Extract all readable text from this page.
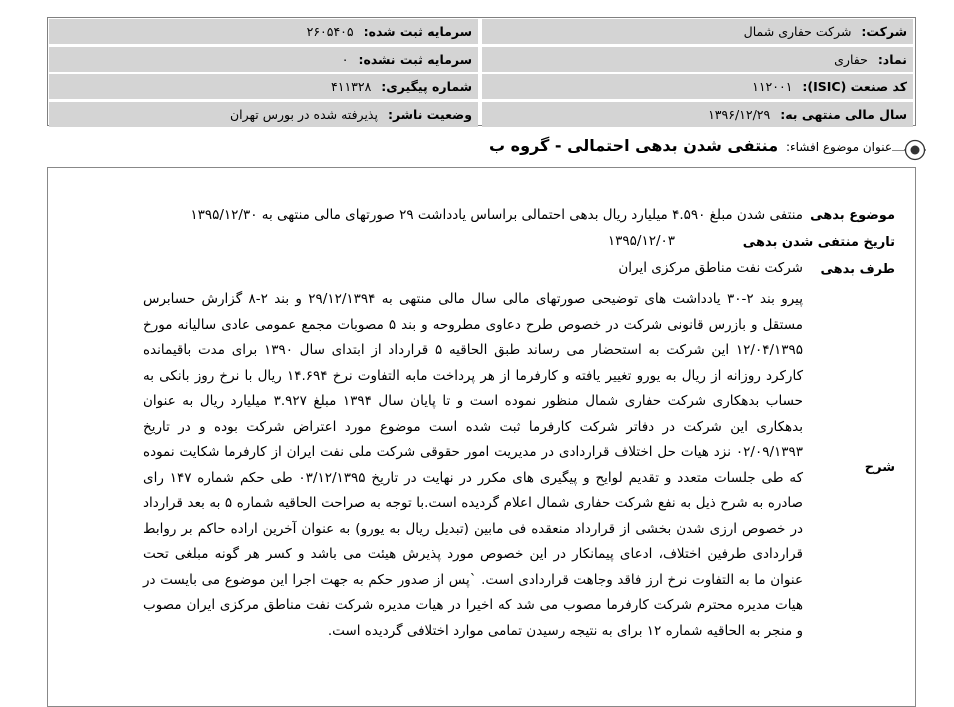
شرکت: شرکت حفاری شمال
سرمایه ثبت شده: ۲۶۰۵۴۰۵
نماد: حفاری
سرمایه ثبت نشده: ۰
کد صنعت (ISIC): ۱۱۲۰۰۱
شماره پیگیری: ۴۱۱۳۲۸
سال مالی منتهی به: ۱۳۹۶/۱۲/۲۹
وضعیت ناشر: پذیرفته شده در بورس تهران
عنوان موضوع افشاء: منتفی شدن بدهی احتمالی - گروه ب
موضوع بدهی
منتفی شدن مبلغ ۴.۵۹۰ میلیارد ریال بدهی احتمالی براساس یادداشت ۲۹ صورتهای مالی منتهی به ۱۳۹۵/۱۲/۳۰
تاریخ منتفی شدن بدهی
۱۳۹۵/۱۲/۰۳
طرف بدهی
شرکت نفت مناطق مرکزی ایران
شرح

پیرو بند ۲-۳۰ یادداشت های توضیحی صورتهای مالی سال مالی منتهی به ۲۹/۱۲/۱۳۹۴ و بند ۲-۸ گزارش حسابرس مستقل و بازرس قانونی شرکت در خصوص طرح دعاوی مطروحه و بند ۵ مصوبات مجمع عمومی عادی سالیانه مورخ ۱۲/۰۴/۱۳۹۵ این شرکت به استحضار می رساند طبق الحاقیه ۵ قرارداد از ابتدای سال ۱۳۹۰ برای مدت باقیمانده کارکرد روزانه از ریال به یورو تغییر یافته و کارفرما از هر پرداخت مابه التفاوت نرخ ۱۴.۶۹۴ ریال با نرخ روز بانکی به حساب بدهکاری شرکت حفاری شمال منظور نموده است و تا پایان سال ۱۳۹۴ مبلغ ۳.۹۲۷ میلیارد ریال به عنوان بدهکاری این شرکت در دفاتر شرکت کارفرما ثبت شده است موضوع مورد اعتراض شرکت بوده و در تاریخ ۰۲/۰۹/۱۳۹۳ نزد هیات حل اختلاف قراردادی در مدیریت امور حقوقی شرکت ملی نفت ایران از کارفرما شکایت نموده که طی جلسات متعدد و تقدیم لوایح و پیگیری های مکرر در نهایت در تاریخ ۰۳/۱۲/۱۳۹۵ طی حکم شماره ۱۴۷ رای صادره به شرح ذیل به نفع شرکت حفاری شمال اعلام گردیده است.با توجه به صراحت الحاقیه شماره ۵ به بعد قرارداد در خصوص ارزی شدن بخشی از قرارداد منعقده فی مابین (تبدیل ریال به یورو) به عنوان آخرین اراده حاکم بر روابط قراردادی طرفین اختلاف، ادعای پیمانکار در این خصوص مورد پذیرش هیئت می باشد و کسر هر گونه مبلغی تحت عنوان ما به التفاوت نرخ ارز فاقد وجاهت قراردادی است. `پس از صدور حکم به جهت اجرا این موضوع می بایست در هیات مدیره محترم شرکت کارفرما مصوب می شد که اخیرا در هیات مدیره شرکت نفت مناطق مرکزی ایران مصوب و منجر به الحاقیه شماره ۱۲ برای به نتیجه رسیدن تمامی موارد اختلافی گردیده است.
